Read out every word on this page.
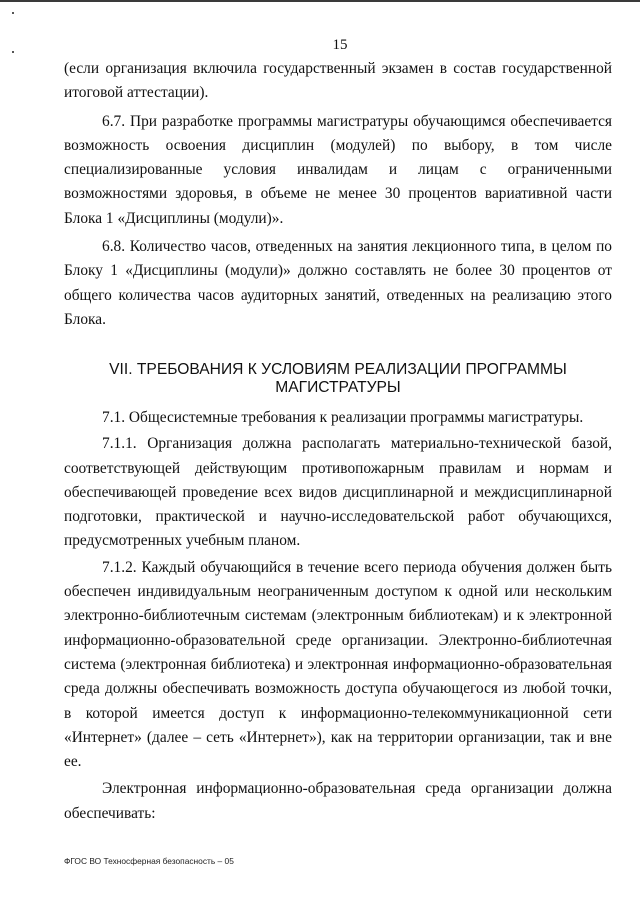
15

(если организация включила государственный экзамен в состав государственной итоговой аттестации).

6.7. При разработке программы магистратуры обучающимся обеспечивается возможность освоения дисциплин (модулей) по выбору, в том числе специализированные условия инвалидам и лицам с ограниченными возможностями здоровья, в объеме не менее 30 процентов вариативной части Блока 1 «Дисциплины (модули)».

6.8. Количество часов, отведенных на занятия лекционного типа, в целом по Блоку 1 «Дисциплины (модули)» должно составлять не более 30 процентов от общего количества часов аудиторных занятий, отведенных на реализацию этого Блока.

VII. ТРЕБОВАНИЯ К УСЛОВИЯМ РЕАЛИЗАЦИИ ПРОГРАММЫ
МАГИСТРАТУРЫ

7.1. Общесистемные требования к реализации программы магистратуры.

7.1.1. Организация должна располагать материально-технической базой, соответствующей действующим противопожарным правилам и нормам и обеспечивающей проведение всех видов дисциплинарной и междисциплинарной подготовки, практической и научно-исследовательской работ обучающихся, предусмотренных учебным планом.

7.1.2. Каждый обучающийся в течение всего периода обучения должен быть обеспечен индивидуальным неограниченным доступом к одной или нескольким электронно-библиотечным системам (электронным библиотекам) и к электронной информационно-образовательной среде организации. Электронно-библиотечная система (электронная библиотека) и электронная информационно-образовательная среда должны обеспечивать возможность доступа обучающегося из любой точки, в которой имеется доступ к информационно-телекоммуникационной сети «Интернет» (далее – сеть «Интернет»), как на территории организации, так и вне ее.

Электронная информационно-образовательная среда организации должна обеспечивать:

ФГОС ВО Техносферная безопасность – 05
